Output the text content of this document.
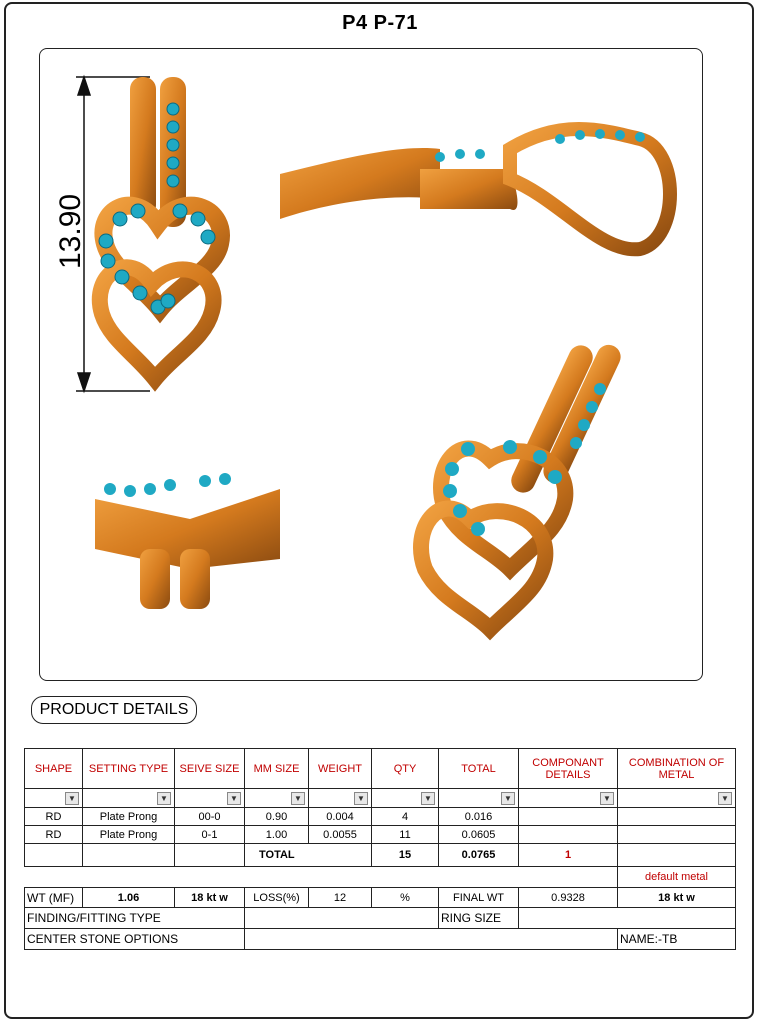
P4 P-71
13.90
PRODUCT DETAILS
SHAPE	SETTING TYPE	SEIVE SIZE	MM SIZE	WEIGHT	QTY	TOTAL	COMPONANT DETAILS	COMBINATION OF METAL

▼	▼	▼	▼	▼	▼	▼	▼	▼

RD	Plate Prong	00-0	0.90	0.004	4	0.016		
RD	Plate Prong	0-1	1.00	0.0055	11	0.0605		
			TOTAL		15	0.0765	1	
								default metal
WT (MF)	1.06	18 kt w	LOSS(%)	12	%	FINAL WT	0.9328	18 kt w
FINDING/FITTING TYPE						RING SIZE		
CENTER STONE OPTIONS								NAME:-TB
